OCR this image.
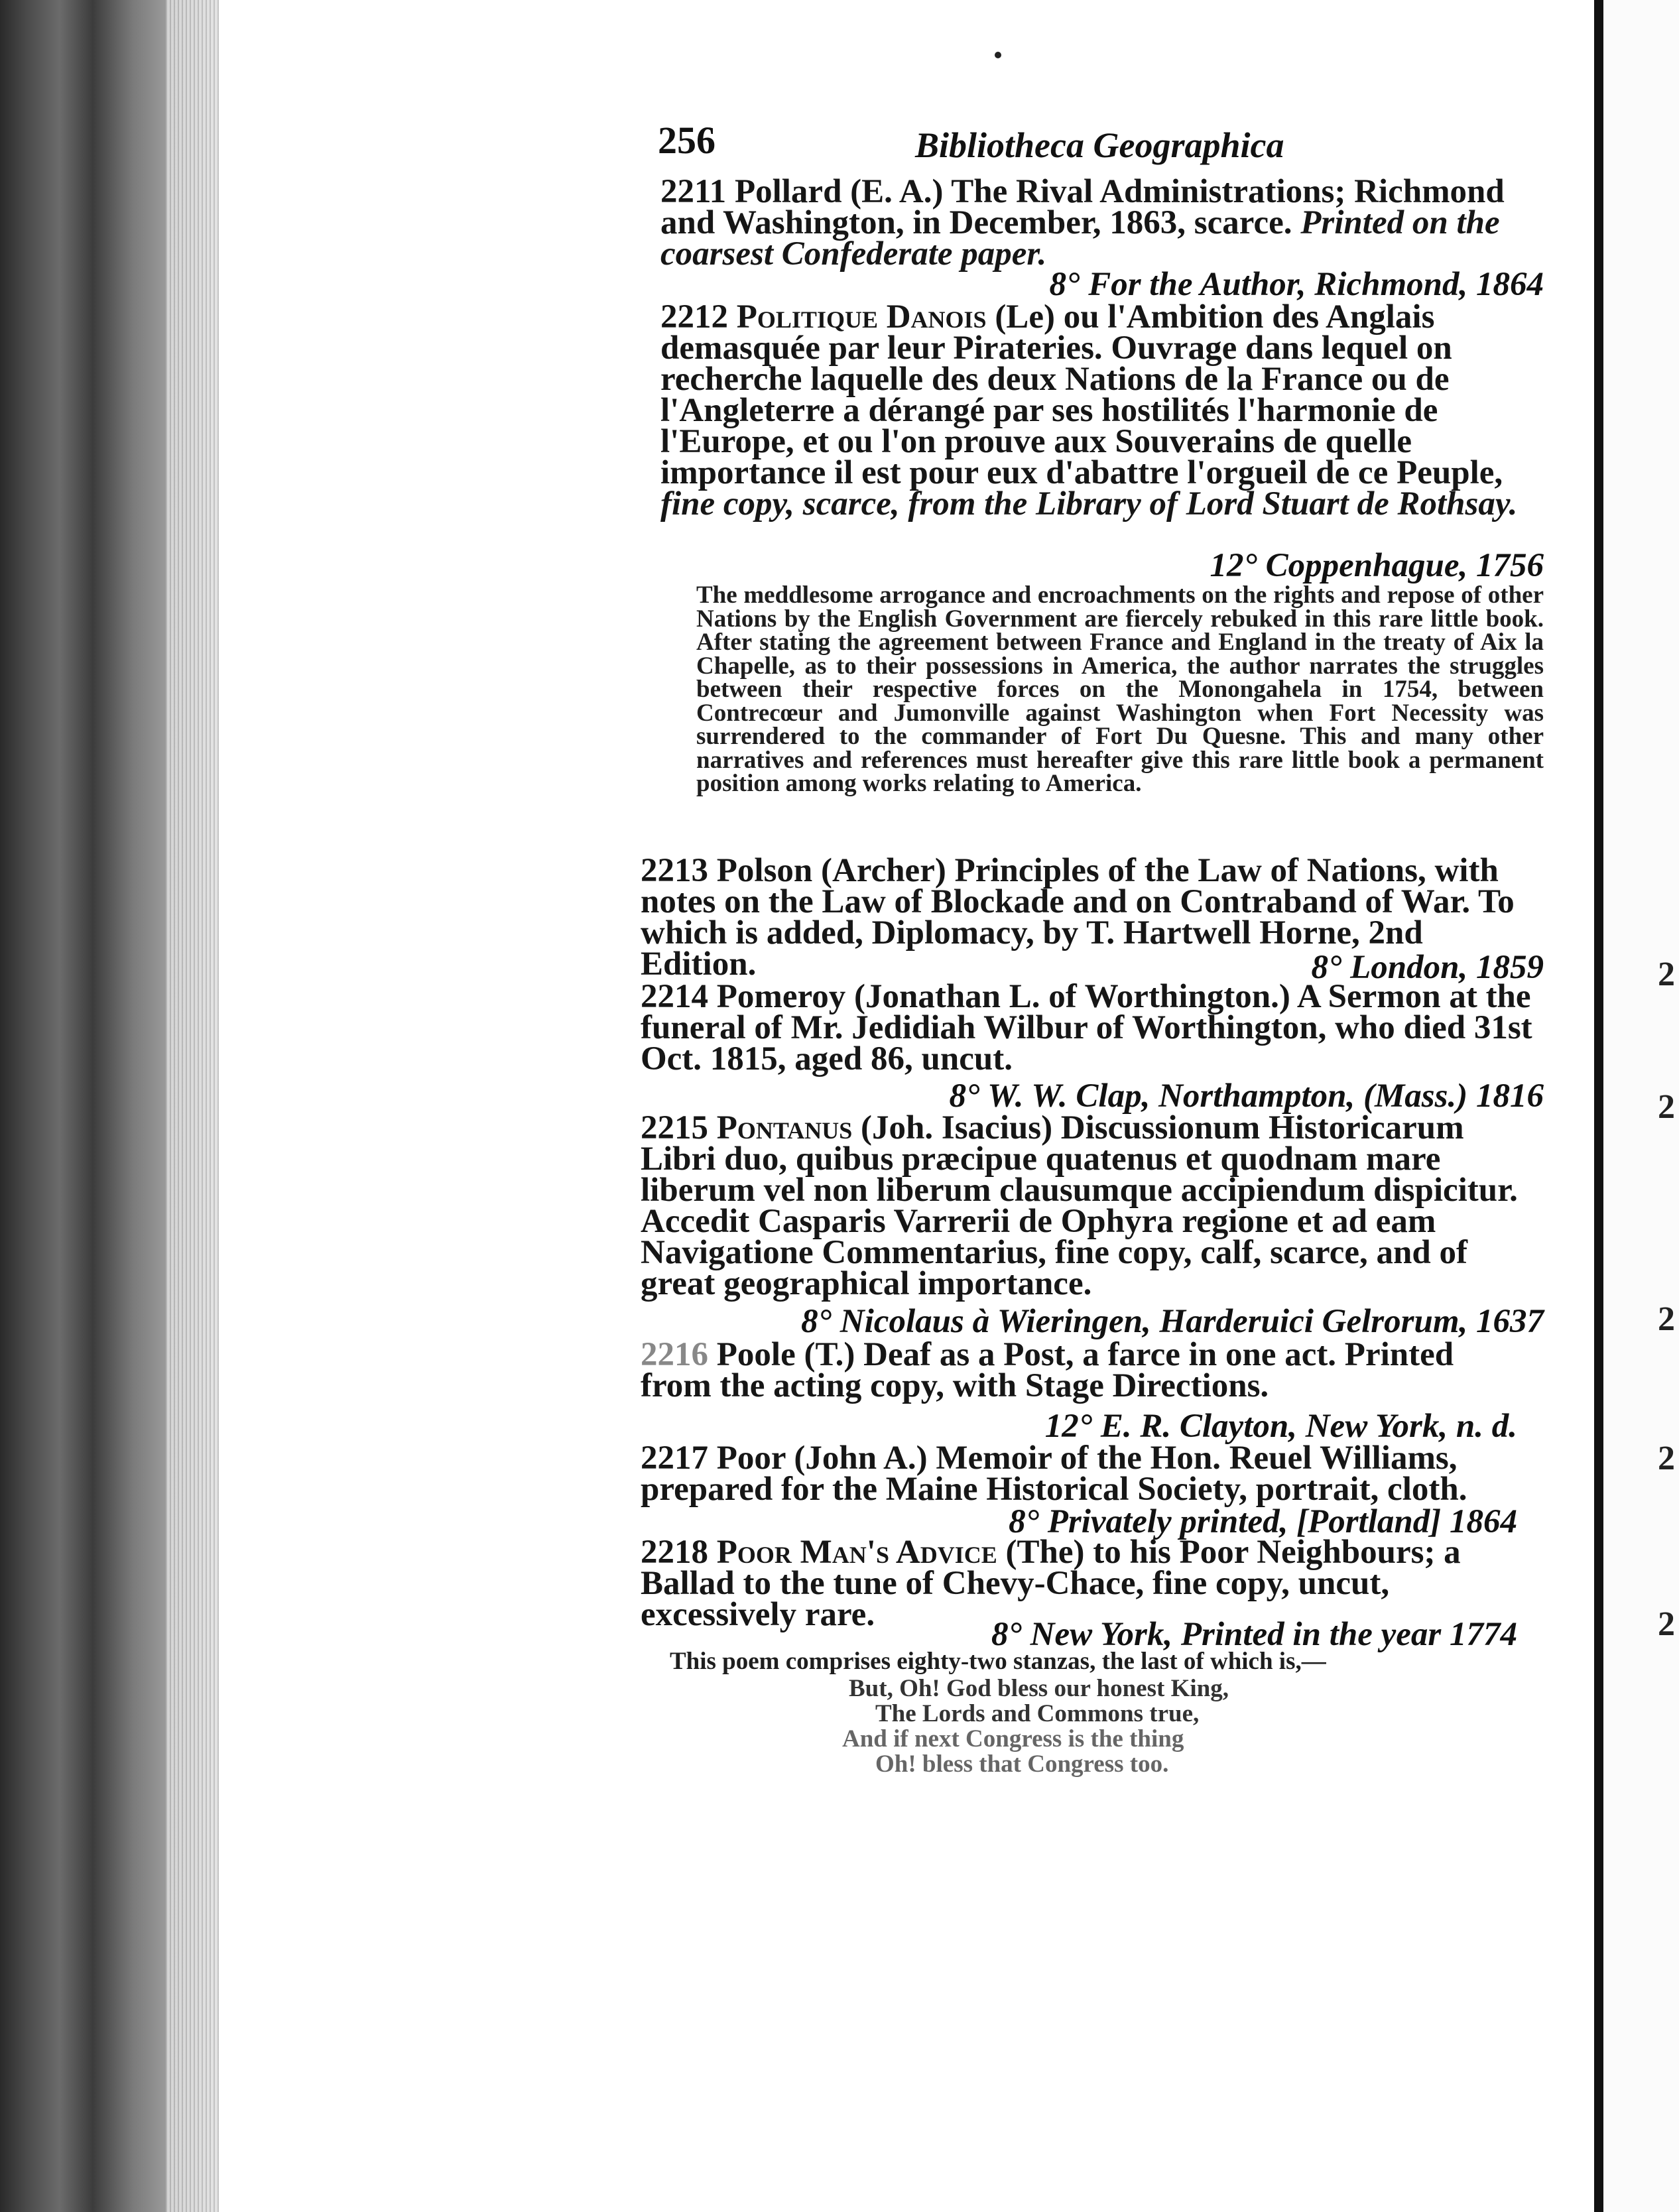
2
2
2
2
2
256	Bibliotheca Geographica
2211 Pollard (E. A.) The Rival Administrations; Richmond and Washington, in December, 1863, scarce. Printed on the coarsest Confederate paper.
8° For the Author, Richmond, 1864
2212 Politique Danois (Le) ou l'Ambition des Anglais demasquée par leur Pirateries. Ouvrage dans lequel on recherche laquelle des deux Nations de la France ou de l'Angleterre a dérangé par ses hostilités l'harmonie de l'Europe, et ou l'on prouve aux Souverains de quelle importance il est pour eux d'abattre l'orgueil de ce Peuple, fine copy, scarce, from the Library of Lord Stuart de Rothsay.
12° Coppenhague, 1756
The meddlesome arrogance and encroachments on the rights and repose of other Nations by the English Government are fiercely rebuked in this rare little book. After stating the agreement between France and England in the treaty of Aix la Chapelle, as to their possessions in America, the author narrates the struggles between their respective forces on the Monongahela in 1754, between Contrecœur and Jumonville against Washington when Fort Necessity was surrendered to the commander of Fort Du Quesne. This and many other narratives and references must hereafter give this rare little book a permanent position among works relating to America.
2213 Polson (Archer) Principles of the Law of Nations, with notes on the Law of Blockade and on Contraband of War. To which is added, Diplomacy, by T. Hartwell Horne, 2nd Edition.	8° London, 1859
2214 Pomeroy (Jonathan L. of Worthington.) A Sermon at the funeral of Mr. Jedidiah Wilbur of Worthington, who died 31st Oct. 1815, aged 86, uncut.
8° W. W. Clap, Northampton, (Mass.) 1816
2215 Pontanus (Joh. Isacius) Discussionum Historicarum Libri duo, quibus præcipue quatenus et quodnam mare liberum vel non liberum clausumque accipiendum dispicitur. Accedit Casparis Varrerii de Ophyra regione et ad eam Navigatione Commentarius, fine copy, calf, scarce, and of great geographical importance.
8° Nicolaus à Wieringen, Harderuici Gelrorum, 1637
2216 Poole (T.) Deaf as a Post, a farce in one act. Printed from the acting copy, with Stage Directions.
12° E. R. Clayton, New York, n. d.
2217 Poor (John A.) Memoir of the Hon. Reuel Williams, prepared for the Maine Historical Society, portrait, cloth.
8° Privately printed, [Portland] 1864
2218 Poor Man's Advice (The) to his Poor Neighbours; a Ballad to the tune of Chevy-Chace, fine copy, uncut, excessively rare.
8° New York, Printed in the year 1774
This poem comprises eighty-two stanzas, the last of which is,—
But, Oh! God bless our honest King,
The Lords and Commons true,
And if next Congress is the thing
Oh! bless that Congress too.
